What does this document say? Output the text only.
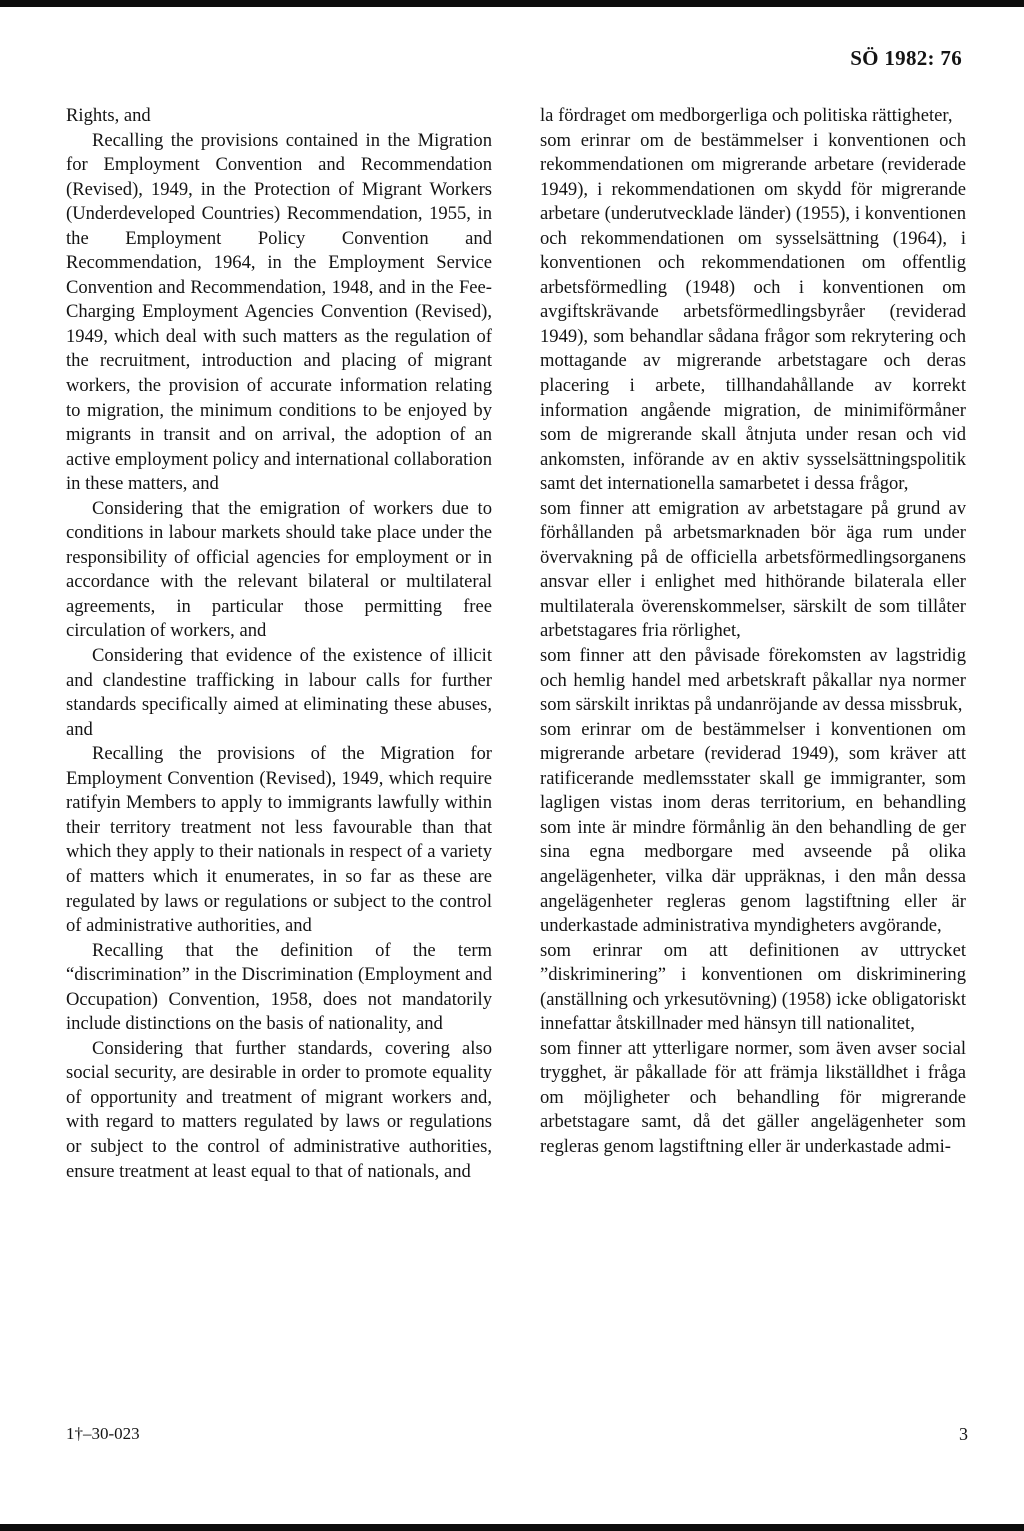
SÖ 1982: 76

Rights, and

Recalling the provisions contained in the Migration for Employment Convention and Recommendation (Revised), 1949, in the Protection of Migrant Workers (Underdeveloped Countries) Recommendation, 1955, in the Employment Policy Convention and Recommendation, 1964, in the Employment Service Convention and Recommendation, 1948, and in the Fee-Charging Employment Agencies Convention (Revised), 1949, which deal with such matters as the regulation of the recruitment, introduction and placing of migrant workers, the provision of accurate information relating to migration, the minimum conditions to be enjoyed by migrants in transit and on arrival, the adoption of an active employment policy and international collaboration in these matters, and

Considering that the emigration of workers due to conditions in labour markets should take place under the responsibility of official agencies for employment or in accordance with the relevant bilateral or multilateral agreements, in particular those permitting free circulation of workers, and

Considering that evidence of the existence of illicit and clandestine trafficking in labour calls for further standards specifically aimed at eliminating these abuses, and

Recalling the provisions of the Migration for Employment Convention (Revised), 1949, which require ratifyin Members to apply to immigrants lawfully within their territory treatment not less favourable than that which they apply to their nationals in respect of a variety of matters which it enumerates, in so far as these are regulated by laws or regulations or subject to the control of administrative authorities, and

Recalling that the definition of the term “discrimination” in the Discrimination (Employment and Occupation) Convention, 1958, does not mandatorily include distinctions on the basis of nationality, and

Considering that further standards, covering also social security, are desirable in order to promote equality of opportunity and treatment of migrant workers and, with regard to matters regulated by laws or regulations or subject to the control of administrative authorities, ensure treatment at least equal to that of nationals, and

la fördraget om medborgerliga och politiska rättigheter,

som erinrar om de bestämmelser i konventionen och rekommendationen om migrerande arbetare (reviderade 1949), i rekommendationen om skydd för migrerande arbetare (underutvecklade länder) (1955), i konventionen och rekommendationen om sysselsättning (1964), i konventionen och rekommendationen om offentlig arbetsförmedling (1948) och i konventionen om avgiftskrävande arbetsförmedlingsbyråer (reviderad 1949), som behandlar sådana frågor som rekrytering och mottagande av migrerande arbetstagare och deras placering i arbete, tillhandahållande av korrekt information angående migration, de minimiförmåner som de migrerande skall åtnjuta under resan och vid ankomsten, införande av en aktiv sysselsättningspolitik samt det internationella samarbetet i dessa frågor,

som finner att emigration av arbetstagare på grund av förhållanden på arbetsmarknaden bör äga rum under övervakning på de officiella arbetsförmedlingsorganens ansvar eller i enlighet med hithörande bilaterala eller multilaterala överenskommelser, särskilt de som tillåter arbetstagares fria rörlighet,

som finner att den påvisade förekomsten av lagstridig och hemlig handel med arbetskraft påkallar nya normer som särskilt inriktas på undanröjande av dessa missbruk,

som erinrar om de bestämmelser i konventionen om migrerande arbetare (reviderad 1949), som kräver att ratificerande medlemsstater skall ge immigranter, som lagligen vistas inom deras territorium, en behandling som inte är mindre förmånlig än den behandling de ger sina egna medborgare med avseende på olika angelägenheter, vilka där uppräknas, i den mån dessa angelägenheter regleras genom lagstiftning eller är underkastade administrativa myndigheters avgörande,

som erinrar om att definitionen av uttrycket ”diskriminering” i konventionen om diskriminering (anställning och yrkesutövning) (1958) icke obligatoriskt innefattar åtskillnader med hänsyn till nationalitet,

som finner att ytterligare normer, som även avser social trygghet, är påkallade för att främja likställdhet i fråga om möjligheter och behandling för migrerande arbetstagare samt, då det gäller angelägenheter som regleras genom lagstiftning eller är underkastade admi-

1†–30-023	3
